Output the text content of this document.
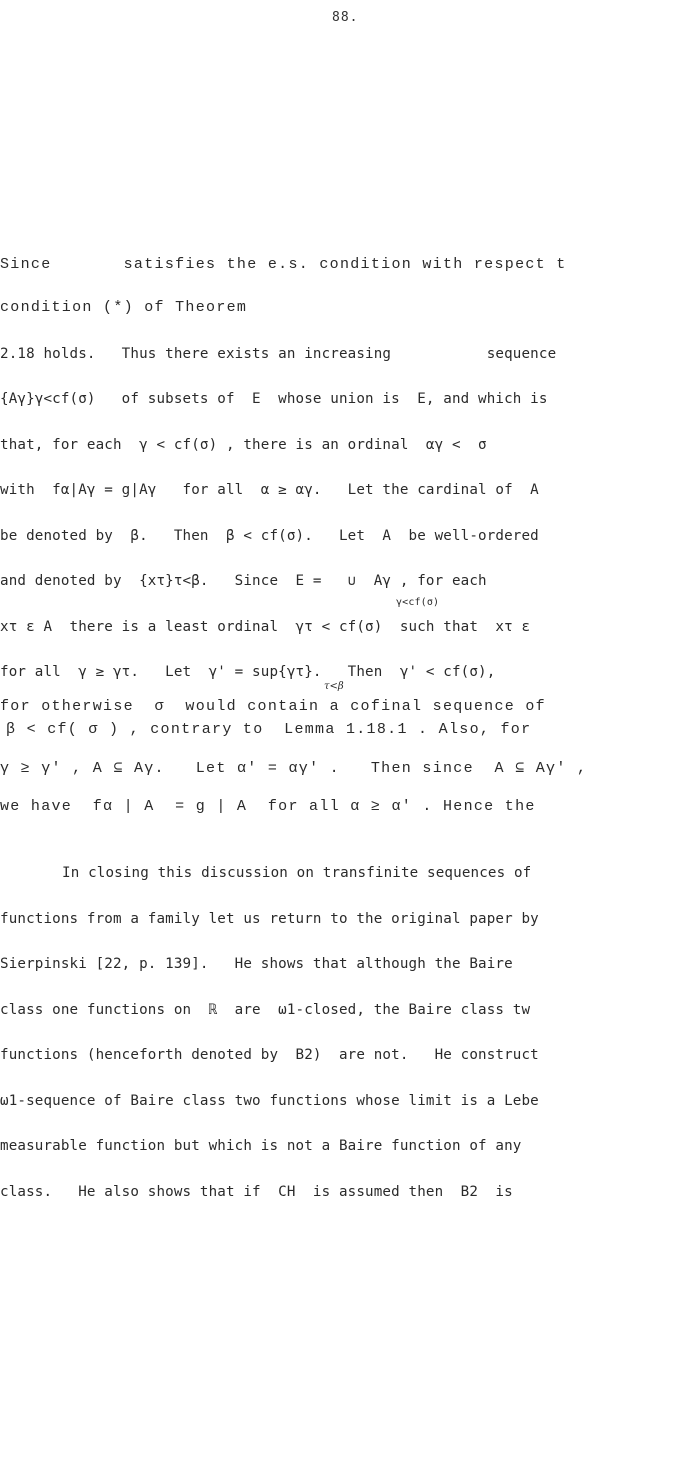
88.
Since       satisfies the e.s. condition with respect t
condition (*) of Theorem
2.18 holds.   Thus there exists an increasing           sequence
{Aγ}γ<cf(σ)   of subsets of  E  whose union is  E, and which is
that, for each  γ < cf(σ) , there is an ordinal  αγ <  σ
with  fα|Aγ = g|Aγ   for all  α ≥ αγ.   Let the cardinal of  A
be denoted by  β.   Then  β < cf(σ).   Let  A  be well-ordered
and denoted by  {xτ}τ<β.   Since  E =   ∪  Aγ , for each
γ<cf(σ)
xτ ε A  there is a least ordinal  γτ < cf(σ)  such that  xτ ε
for all  γ ≥ γτ.   Let  γ' = sup{γτ}.   Then  γ' < cf(σ),
τ<β
for otherwise  σ  would contain a cofinal sequence of
β < cf( σ ) , contrary to  Lemma 1.18.1 . Also, for
γ ≥ γ' , A ⊆ Aγ.   Let α' = αγ' .   Then since  A ⊆ Aγ' ,
we have  fα | A  = g | A  for all α ≥ α' . Hence the
In closing this discussion on transfinite sequences of
functions from a family let us return to the original paper by
Sierpinski [22, p. 139].   He shows that although the Baire
class one functions on  ℝ  are  ω1-closed, the Baire class tw
functions (henceforth denoted by  B2)  are not.   He construct
ω1-sequence of Baire class two functions whose limit is a Lebe
measurable function but which is not a Baire function of any
class.   He also shows that if  CH  is assumed then  B2  is
